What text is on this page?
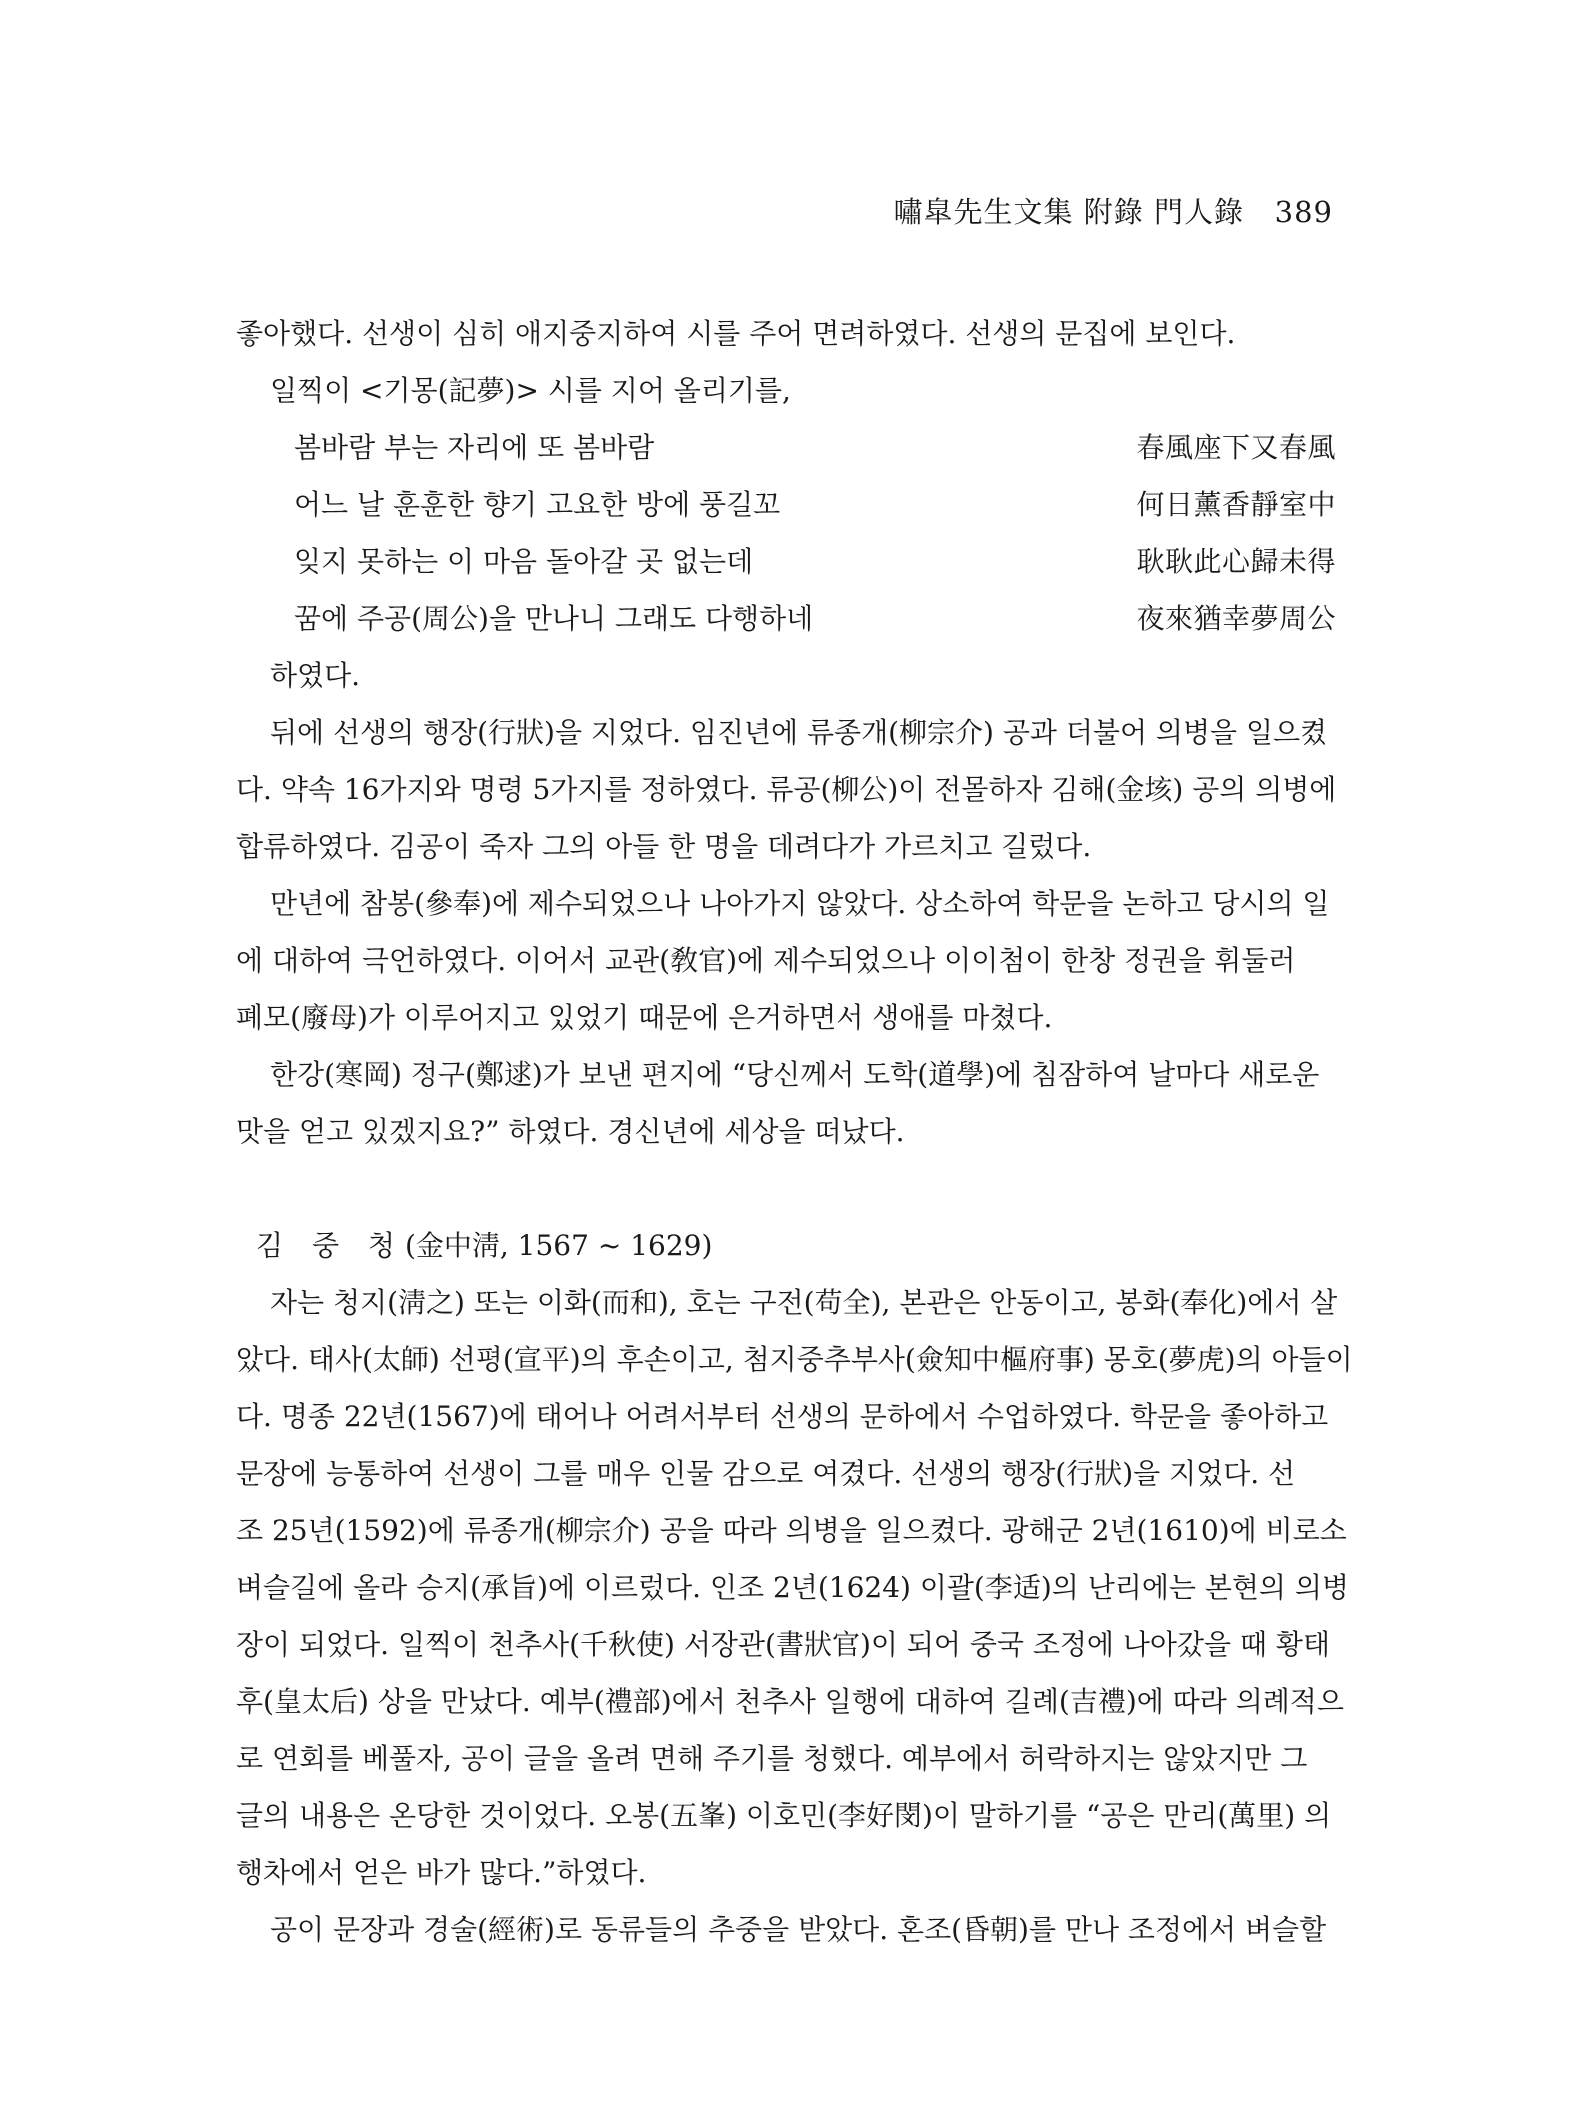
嘯皐先生文集 附錄 門人錄 389
좋아했다. 선생이 심히 애지중지하여 시를 주어 면려하였다. 선생의 문집에 보인다.
일찍이 <기몽(記夢)> 시를 지어 올리기를,
봄바람 부는 자리에 또 봄바람	春風座下又春風
어느 날 훈훈한 향기 고요한 방에 풍길꼬	何日薰香靜室中
잊지 못하는 이 마음 돌아갈 곳 없는데	耿耿此心歸未得
꿈에 주공(周公)을 만나니 그래도 다행하네	夜來猶幸夢周公
하였다.
뒤에 선생의 행장(行狀)을 지었다. 임진년에 류종개(柳宗介) 공과 더불어 의병을 일으켰
다. 약속 16가지와 명령 5가지를 정하였다. 류공(柳公)이 전몰하자 김해(金垓) 공의 의병에
합류하였다. 김공이 죽자 그의 아들 한 명을 데려다가 가르치고 길렀다.
만년에 참봉(參奉)에 제수되었으나 나아가지 않았다. 상소하여 학문을 논하고 당시의 일
에 대하여 극언하였다. 이어서 교관(敎官)에 제수되었으나 이이첨이 한창 정권을 휘둘러
폐모(廢母)가 이루어지고 있었기 때문에 은거하면서 생애를 마쳤다.
한강(寒岡) 정구(鄭逑)가 보낸 편지에 “당신께서 도학(道學)에 침잠하여 날마다 새로운
맛을 얻고 있겠지요?” 하였다. 경신년에 세상을 떠났다.
김 중 청(金中淸, 1567 ~ 1629)
자는 청지(淸之) 또는 이화(而和), 호는 구전(苟全), 본관은 안동이고, 봉화(奉化)에서 살
았다. 태사(太師) 선평(宣平)의 후손이고, 첨지중추부사(僉知中樞府事) 몽호(夢虎)의 아들이
다. 명종 22년(1567)에 태어나 어려서부터 선생의 문하에서 수업하였다. 학문을 좋아하고
문장에 능통하여 선생이 그를 매우 인물 감으로 여겼다. 선생의 행장(行狀)을 지었다. 선
조 25년(1592)에 류종개(柳宗介) 공을 따라 의병을 일으켰다. 광해군 2년(1610)에 비로소
벼슬길에 올라 승지(承旨)에 이르렀다. 인조 2년(1624) 이괄(李适)의 난리에는 본현의 의병
장이 되었다. 일찍이 천추사(千秋使) 서장관(書狀官)이 되어 중국 조정에 나아갔을 때 황태
후(皇太后) 상을 만났다. 예부(禮部)에서 천추사 일행에 대하여 길례(吉禮)에 따라 의례적으
로 연회를 베풀자, 공이 글을 올려 면해 주기를 청했다. 예부에서 허락하지는 않았지만 그
글의 내용은 온당한 것이었다. 오봉(五峯) 이호민(李好閔)이 말하기를 “공은 만리(萬里) 의
행차에서 얻은 바가 많다.”하였다.
공이 문장과 경술(經術)로 동류들의 추중을 받았다. 혼조(昏朝)를 만나 조정에서 벼슬할
